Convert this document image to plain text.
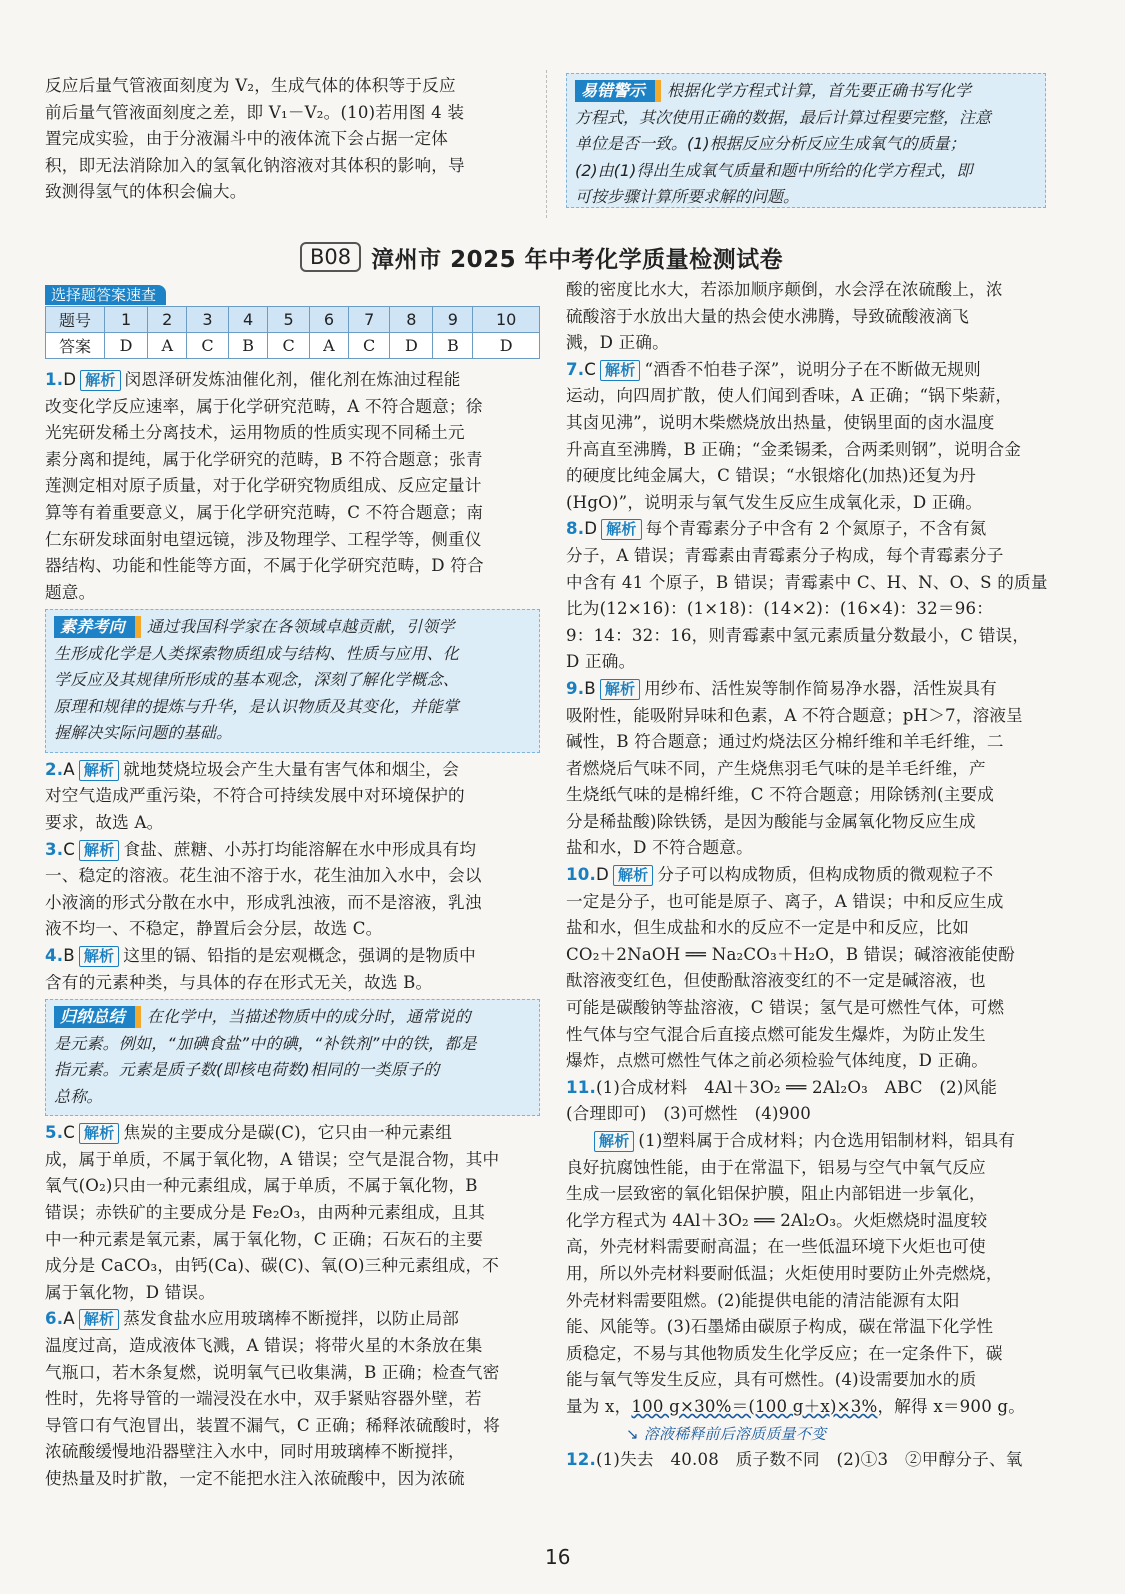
反应后量气管液面刻度为 V₂，生成气体的体积等于反应

前后量气管液面刻度之差，即 V₁－V₂。(10)若用图 4 装

置完成实验，由于分液漏斗中的液体流下会占据一定体

积，即无法消除加入的氢氧化钠溶液对其体积的影响，导

致测得氢气的体积会偏大。

易错警示 根据化学方程式计算，首先要正确书写化学

方程式，其次使用正确的数据，最后计算过程要完整，注意

单位是否一致。(1)根据反应分析反应生成氧气的质量；

(2)由(1)得出生成氧气质量和题中所给的化学方程式，即

可按步骤计算所要求解的问题。

B08 漳州市 2025 年中考化学质量检测试卷
选择题答案速查
题号	1	2	3	4	5	6	7	8	9	10
答案	D	A	C	B	C	A	C	D	B	D

1.D 解析 闵恩泽研发炼油催化剂，催化剂在炼油过程能

改变化学反应速率，属于化学研究范畴，A 不符合题意；徐

光宪研发稀土分离技术，运用物质的性质实现不同稀土元

素分离和提纯，属于化学研究的范畴，B 不符合题意；张青

莲测定相对原子质量，对于化学研究物质组成、反应定量计

算等有着重要意义，属于化学研究范畴，C 不符合题意；南

仁东研发球面射电望远镜，涉及物理学、工程学等，侧重仪

器结构、功能和性能等方面，不属于化学研究范畴，D 符合

题意。

素养考向 通过我国科学家在各领域卓越贡献，引领学

生形成化学是人类探索物质组成与结构、性质与应用、化

学反应及其规律所形成的基本观念，深刻了解化学概念、

原理和规律的提炼与升华，是认识物质及其变化，并能掌

握解决实际问题的基础。

2.A 解析 就地焚烧垃圾会产生大量有害气体和烟尘，会

对空气造成严重污染，不符合可持续发展中对环境保护的

要求，故选 A。

3.C 解析 食盐、蔗糖、小苏打均能溶解在水中形成具有均

一、稳定的溶液。花生油不溶于水，花生油加入水中，会以

小液滴的形式分散在水中，形成乳浊液，而不是溶液，乳浊

液不均一、不稳定，静置后会分层，故选 C。

4.B 解析 这里的镉、铅指的是宏观概念，强调的是物质中

含有的元素种类，与具体的存在形式无关，故选 B。

归纳总结 在化学中，当描述物质中的成分时，通常说的

是元素。例如，“加碘食盐”中的碘，“补铁剂”中的铁，都是

指元素。元素是质子数(即核电荷数)相同的一类原子的

总称。

5.C 解析 焦炭的主要成分是碳(C)，它只由一种元素组

成，属于单质，不属于氧化物，A 错误；空气是混合物，其中

氧气(O₂)只由一种元素组成，属于单质，不属于氧化物，B

错误；赤铁矿的主要成分是 Fe₂O₃，由两种元素组成，且其

中一种元素是氧元素，属于氧化物，C 正确；石灰石的主要

成分是 CaCO₃，由钙(Ca)、碳(C)、氧(O)三种元素组成，不

属于氧化物，D 错误。

6.A 解析 蒸发食盐水应用玻璃棒不断搅拌，以防止局部

温度过高，造成液体飞溅，A 错误；将带火星的木条放在集

气瓶口，若木条复燃，说明氧气已收集满，B 正确；检查气密

性时，先将导管的一端浸没在水中，双手紧贴容器外壁，若

导管口有气泡冒出，装置不漏气，C 正确；稀释浓硫酸时，将

浓硫酸缓慢地沿器壁注入水中，同时用玻璃棒不断搅拌，

使热量及时扩散，一定不能把水注入浓硫酸中，因为浓硫

酸的密度比水大，若添加顺序颠倒，水会浮在浓硫酸上，浓

硫酸溶于水放出大量的热会使水沸腾，导致硫酸液滴飞

溅，D 正确。

7.C 解析 “酒香不怕巷子深”，说明分子在不断做无规则

运动，向四周扩散，使人们闻到香味，A 正确；“锅下柴薪，

其卤见沸”，说明木柴燃烧放出热量，使锅里面的卤水温度

升高直至沸腾，B 正确；“金柔锡柔，合两柔则钢”，说明合金

的硬度比纯金属大，C 错误；“水银熔化(加热)还复为丹

(HgO)”，说明汞与氧气发生反应生成氧化汞，D 正确。

8.D 解析 每个青霉素分子中含有 2 个氮原子，不含有氮

分子，A 错误；青霉素由青霉素分子构成，每个青霉素分子

中含有 41 个原子，B 错误；青霉素中 C、H、N、O、S 的质量

比为(12×16)：(1×18)：(14×2)：(16×4)：32＝96：

9：14：32：16，则青霉素中氢元素质量分数最小，C 错误，

D 正确。

9.B 解析 用纱布、活性炭等制作简易净水器，活性炭具有

吸附性，能吸附异味和色素，A 不符合题意；pH＞7，溶液呈

碱性，B 符合题意；通过灼烧法区分棉纤维和羊毛纤维，二

者燃烧后气味不同，产生烧焦羽毛气味的是羊毛纤维，产

生烧纸气味的是棉纤维，C 不符合题意；用除锈剂(主要成

分是稀盐酸)除铁锈，是因为酸能与金属氧化物反应生成

盐和水，D 不符合题意。

10.D 解析 分子可以构成物质，但构成物质的微观粒子不

一定是分子，也可能是原子、离子，A 错误；中和反应生成

盐和水，但生成盐和水的反应不一定是中和反应，比如

CO₂＋2NaOH ══ Na₂CO₃＋H₂O，B 错误；碱溶液能使酚

酞溶液变红色，但使酚酞溶液变红的不一定是碱溶液，也

可能是碳酸钠等盐溶液，C 错误；氢气是可燃性气体，可燃

性气体与空气混合后直接点燃可能发生爆炸，为防止发生

爆炸，点燃可燃性气体之前必须检验气体纯度，D 正确。

11.(1)合成材料　4Al＋3O₂ ══ 2Al₂O₃　ABC　(2)风能

(合理即可)　(3)可燃性　(4)900

解析 (1)塑料属于合成材料；内仓选用铝制材料，铝具有

良好抗腐蚀性能，由于在常温下，铝易与空气中氧气反应

生成一层致密的氧化铝保护膜，阻止内部铝进一步氧化，

化学方程式为 4Al＋3O₂ ══ 2Al₂O₃。火炬燃烧时温度较

高，外壳材料需要耐高温；在一些低温环境下火炬也可使

用，所以外壳材料要耐低温；火炬使用时要防止外壳燃烧，

外壳材料需要阻燃。(2)能提供电能的清洁能源有太阳

能、风能等。(3)石墨烯由碳原子构成，碳在常温下化学性

质稳定，不易与其他物质发生化学反应；在一定条件下，碳

能与氧气等发生反应，具有可燃性。(4)设需要加水的质

量为 x，100 g×30%＝(100 g＋x)×3%，解得 x＝900 g。

↘ 溶液稀释前后溶质质量不变

12.(1)失去　40.08　质子数不同　(2)①3　②甲醇分子、氧

16
